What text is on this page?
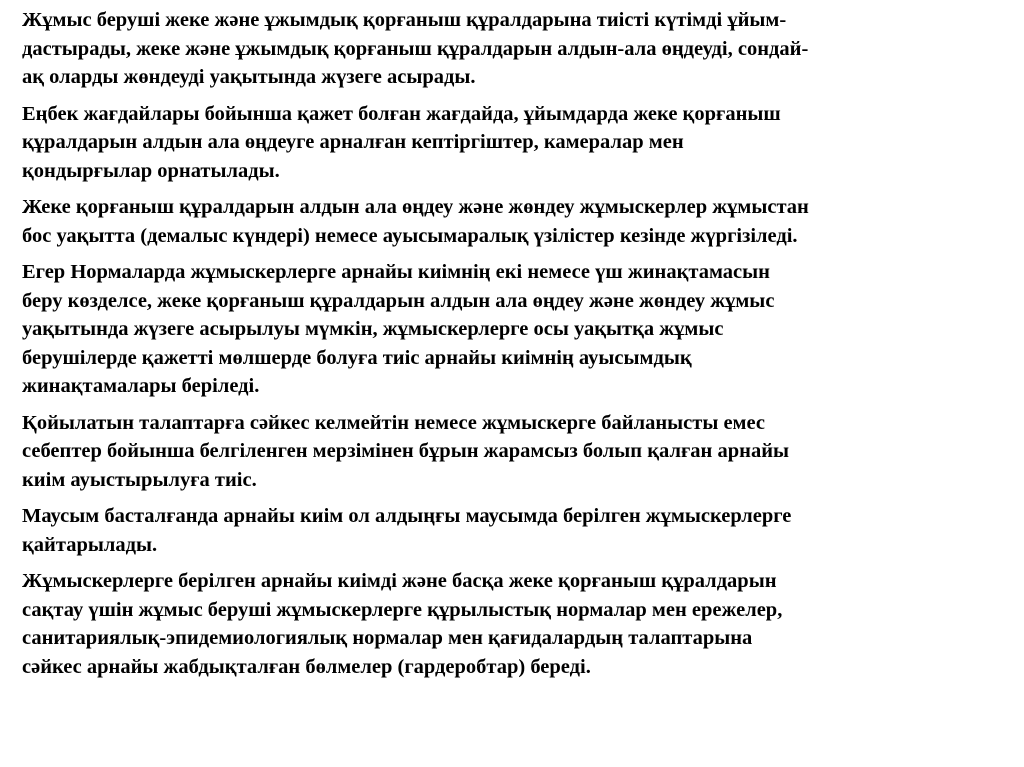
Жұмыс беруші жеке және ұжымдық қорғаныш құралдарына тиісті күтімді ұйым-
дастырады, жеке және ұжымдық қорғаныш құралдарын алдын-ала өңдеуді, сондай-
ақ оларды жөндеуді уақытында жүзеге асырады.

Еңбек жағдайлары бойынша қажет болған жағдайда, ұйымдарда жеке қорғаныш
құралдарын алдын ала өңдеуге арналған кептіргіштер, камералар мен
қондырғылар орнатылады.

Жеке қорғаныш құралдарын алдын ала өңдеу және жөндеу жұмыскерлер жұмыстан
бос уақытта (демалыс күндері) немесе ауысымаралық үзілістер кезінде жүргізіледі.

Егер Нормаларда жұмыскерлерге арнайы киімнің екі немесе үш жинақтамасын
беру көзделсе, жеке қорғаныш құралдарын алдын ала өңдеу және жөндеу жұмыс
уақытында жүзеге асырылуы мүмкін, жұмыскерлерге осы уақытқа жұмыс
берушілерде қажетті мөлшерде болуға тиіс арнайы киімнің ауысымдық
жинақтамалары беріледі.

Қойылатын талаптарға сәйкес келмейтін немесе жұмыскерге байланысты емес
себептер бойынша белгіленген мерзімінен бұрын жарамсыз болып қалған арнайы
киім ауыстырылуға тиіс.

Маусым басталғанда арнайы киім ол алдыңғы маусымда берілген жұмыскерлерге
қайтарылады.

Жұмыскерлерге берілген арнайы киімді және басқа жеке қорғаныш құралдарын
сақтау үшін жұмыс беруші жұмыскерлерге құрылыстық нормалар мен ережелер,
санитариялық-эпидемиологиялық нормалар мен қағидалардың талаптарына
сәйкес арнайы жабдықталған бөлмелер (гардеробтар) береді.
